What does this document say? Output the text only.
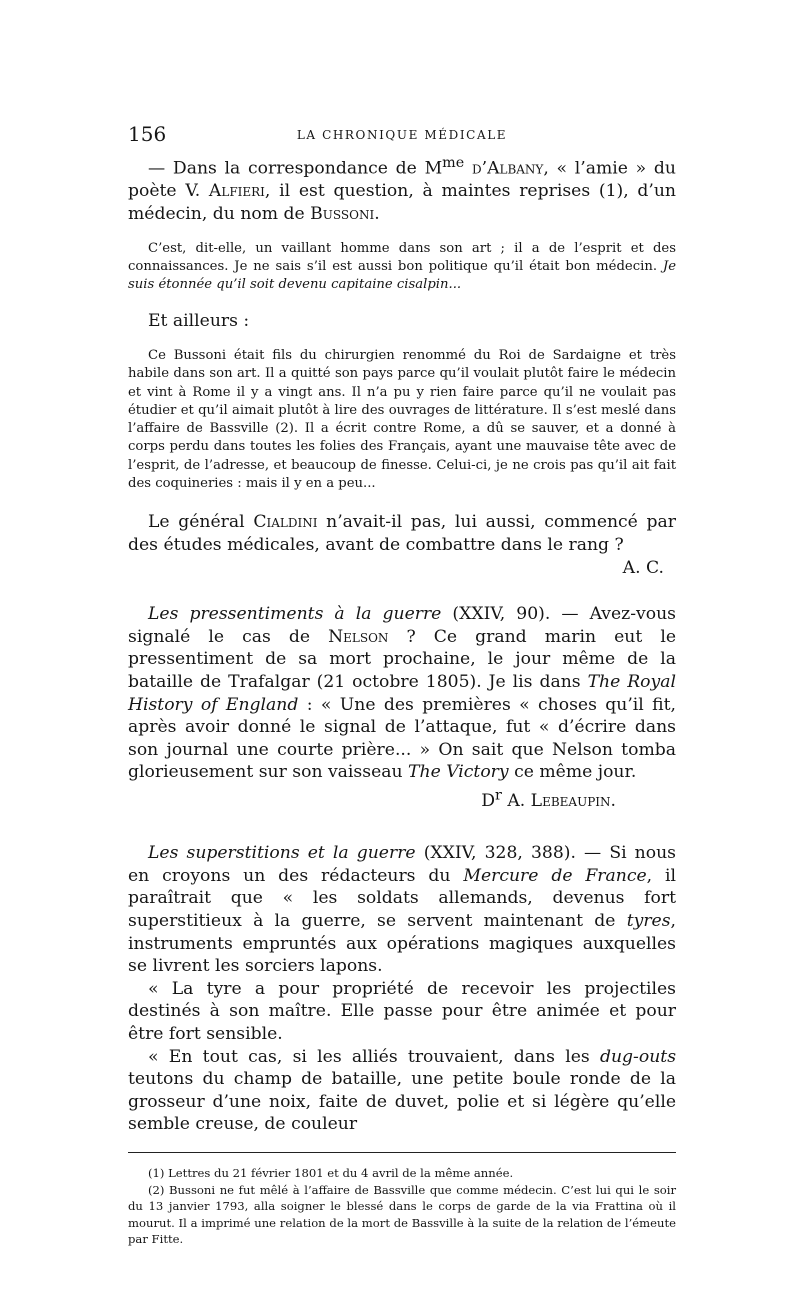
156	LA CHRONIQUE MÉDICALE

— Dans la correspondance de $M^{me}$ d’Albany, « l’amie » du poète V. Alfieri, il est question, à maintes reprises (1), d’un médecin, du nom de Bussoni.

C’est, dit-elle, un vaillant homme dans son art ; il a de l’esprit et des connaissances. Je ne sais s’il est aussi bon politique qu’il était bon médecin. Je suis étonnée qu’il soit devenu capitaine cisalpin...

Et ailleurs :

Ce Bussoni était fils du chirurgien renommé du Roi de Sardaigne et très habile dans son art. Il a quitté son pays parce qu’il voulait plutôt faire le médecin et vint à Rome il y a vingt ans. Il n’a pu y rien faire parce qu’il ne voulait pas étudier et qu’il aimait plutôt à lire des ouvrages de littérature. Il s’est meslé dans l’affaire de Bassville (2). Il a écrit contre Rome, a dû se sauver, et a donné à corps perdu dans toutes les folies des Français, ayant une mauvaise tête avec de l’esprit, de l’adresse, et beaucoup de finesse. Celui-ci, je ne crois pas qu’il ait fait des coquineries : mais il y en a peu...

Le général Cialdini n’avait-il pas, lui aussi, commencé par des études médicales, avant de combattre dans le rang ?

A. C.

Les pressentiments à la guerre (XXIV, 90). — Avez-vous signalé le cas de Nelson ? Ce grand marin eut le pressentiment de sa mort prochaine, le jour même de la bataille de Trafalgar (21 octobre 1805). Je lis dans The Royal History of England : « Une des premières « choses qu’il fit, après avoir donné le signal de l’attaque, fut « d’écrire dans son journal une courte prière... » On sait que Nelson tomba glorieusement sur son vaisseau The Victory ce même jour.

$D^r$ A. Lebeaupin.

Les superstitions et la guerre (XXIV, 328, 388). — Si nous en croyons un des rédacteurs du Mercure de France, il paraîtrait que « les soldats allemands, devenus fort superstitieux à la guerre, se servent maintenant de tyres, instruments empruntés aux opérations magiques auxquelles se livrent les sorciers lapons.

« La tyre a pour propriété de recevoir les projectiles destinés à son maître. Elle passe pour être animée et pour être fort sensible.

« En tout cas, si les alliés trouvaient, dans les dug-outs teutons du champ de bataille, une petite boule ronde de la grosseur d’une noix, faite de duvet, polie et si légère qu’elle semble creuse, de couleur

(1) Lettres du 21 février 1801 et du 4 avril de la même année.

(2) Bussoni ne fut mêlé à l’affaire de Bassville que comme médecin. C’est lui qui le soir du 13 janvier 1793, alla soigner le blessé dans le corps de garde de la via Frattina où il mourut. Il a imprimé une relation de la mort de Bassville à la suite de la relation de l’émeute par Fitte.
